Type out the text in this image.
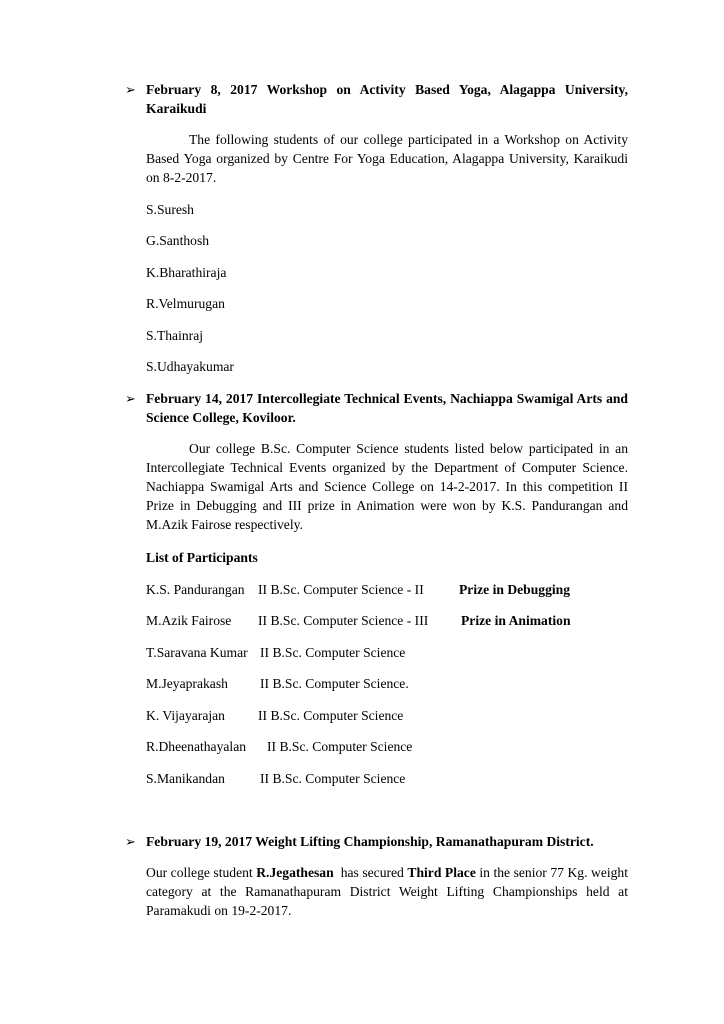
➢ February 8, 2017 Workshop on Activity Based Yoga, Alagappa University, Karaikudi
The following students of our college participated in a Workshop on Activity Based Yoga organized by Centre For Yoga Education, Alagappa University, Karaikudi on 8-2-2017.
S.Suresh
G.Santhosh
K.Bharathiraja
R.Velmurugan
S.Thainraj
S.Udhayakumar
➢ February 14, 2017 Intercollegiate Technical Events, Nachiappa Swamigal Arts and Science College, Koviloor.
Our college B.Sc. Computer Science students listed below participated in an Intercollegiate Technical Events organized by the Department of Computer Science. Nachiappa Swamigal Arts and Science College on 14-2-2017. In this competition II Prize in Debugging and III prize in Animation were won by K.S. Pandurangan and M.Azik Fairose respectively.
List of Participants
K.S. Pandurangan II B.Sc. Computer Science - II	Prize in Debugging
M.Azik Fairose II B.Sc. Computer Science - III Prize in Animation
T.Saravana Kumar II B.Sc. Computer Science
M.Jeyaprakash II B.Sc. Computer Science.
K. Vijayarajan II B.Sc. Computer Science
R.Dheenathayalan II B.Sc. Computer Science
S.Manikandan	II B.Sc. Computer Science
➢ February 19, 2017 Weight Lifting Championship, Ramanathapuram District.
Our college student R.Jegathesan  has secured Third Place in the senior 77 Kg. weight category at the Ramanathapuram District Weight Lifting Championships held at Paramakudi on 19-2-2017.
